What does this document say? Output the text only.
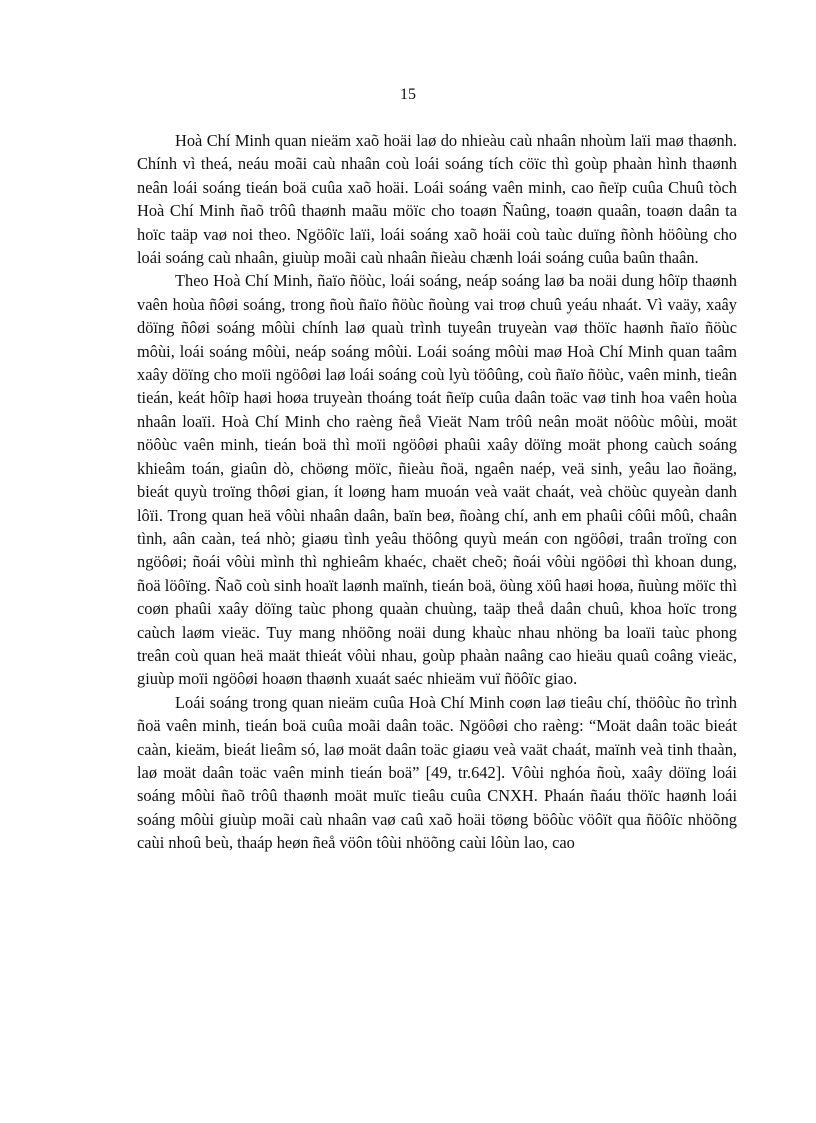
15

Hoà Chí Minh quan nieäm xaõ hoäi laø do nhieàu caù nhaân nhoùm laïi maø thaønh. Chính vì theá, neáu moãi caù nhaân coù loái soáng tích cöïc thì goùp phaàn hình thaønh neân loái soáng tieán boä cuûa xaõ hoäi. Loái soáng vaên minh, cao ñeïp cuûa Chuû tòch Hoà Chí Minh ñaõ trôû thaønh maãu möïc cho toaøn Ñaûng, toaøn quaân, toaøn daân ta hoïc taäp vaø noi theo. Ngöôïc laïi, loái soáng xaõ hoäi coù taùc duïng ñònh höôùng cho loái soáng caù nhaân, giuùp moãi caù nhaân ñieàu chænh loái soáng cuûa baûn thaân.

Theo Hoà Chí Minh, ñaïo ñöùc, loái soáng, neáp soáng laø ba noäi dung hôïp thaønh vaên hoùa ñôøi soáng, trong ñoù ñaïo ñöùc ñoùng vai troø chuû yeáu nhaát. Vì vaäy, xaây döïng ñôøi soáng môùi chính laø quaù trình tuyeân truyeàn vaø thöïc haønh ñaïo ñöùc môùi, loái soáng môùi, neáp soáng môùi. Loái soáng môùi maø Hoà Chí Minh quan taâm xaây döïng cho moïi ngöôøi laø loái soáng coù lyù töôûng, coù ñaïo ñöùc, vaên minh, tieân tieán, keát hôïp haøi hoøa truyeàn thoáng toát ñeïp cuûa daân toäc vaø tinh hoa vaên hoùa nhaân loaïi. Hoà Chí Minh cho raèng ñeå Vieät Nam trôû neân moät nöôùc môùi, moät nöôùc vaên minh, tieán boä thì moïi ngöôøi phaûi xaây döïng moät phong caùch soáng khieâm toán, giaûn dò, chöøng möïc, ñieàu ñoä, ngaên naép, veä sinh, yeâu lao ñoäng, bieát quyù troïng thôøi gian, ít loøng ham muoán veà vaät chaát, veà chöùc quyeàn danh lôïi. Trong quan heä vôùi nhaân daân, baïn beø, ñoàng chí, anh em phaûi côûi môû, chaân tình, aân caàn, teá nhò; giaøu tình yeâu thöông quyù meán con ngöôøi, traân troïng con ngöôøi; ñoái vôùi mình thì nghieâm khaéc, chaët cheõ; ñoái vôùi ngöôøi thì khoan dung, ñoä löôïng. Ñaõ coù sinh hoaït laønh maïnh, tieán boä, öùng xöû haøi hoøa, ñuùng möïc thì coøn phaûi xaây döïng taùc phong quaàn chuùng, taäp theå daân chuû, khoa hoïc trong caùch laøm vieäc. Tuy mang nhöõng noäi dung khaùc nhau nhöng ba loaïi taùc phong treân coù quan heä maät thieát vôùi nhau, goùp phaàn naâng cao hieäu quaû coâng vieäc, giuùp moïi ngöôøi hoaøn thaønh xuaát saéc nhieäm vuï ñöôïc giao.

Loái soáng trong quan nieäm cuûa Hoà Chí Minh coøn laø tieâu chí, thöôùc ño trình ñoä vaên minh, tieán boä cuûa moãi daân toäc. Ngöôøi cho raèng: “Moät daân toäc bieát caàn, kieäm, bieát lieâm só, laø moät daân toäc giaøu veà vaät chaát, maïnh veà tinh thaàn, laø moät daân toäc vaên minh tieán boä” [49, tr.642]. Vôùi nghóa ñoù, xaây döïng loái soáng môùi ñaõ trôû thaønh moät muïc tieâu cuûa CNXH. Phaán ñaáu thöïc haønh loái soáng môùi giuùp moãi caù nhaân vaø caû xaõ hoäi töøng böôùc vöôït qua ñöôïc nhöõng caùi nhoû beù, thaáp heøn ñeå vöôn tôùi nhöõng caùi lôùn lao, cao
